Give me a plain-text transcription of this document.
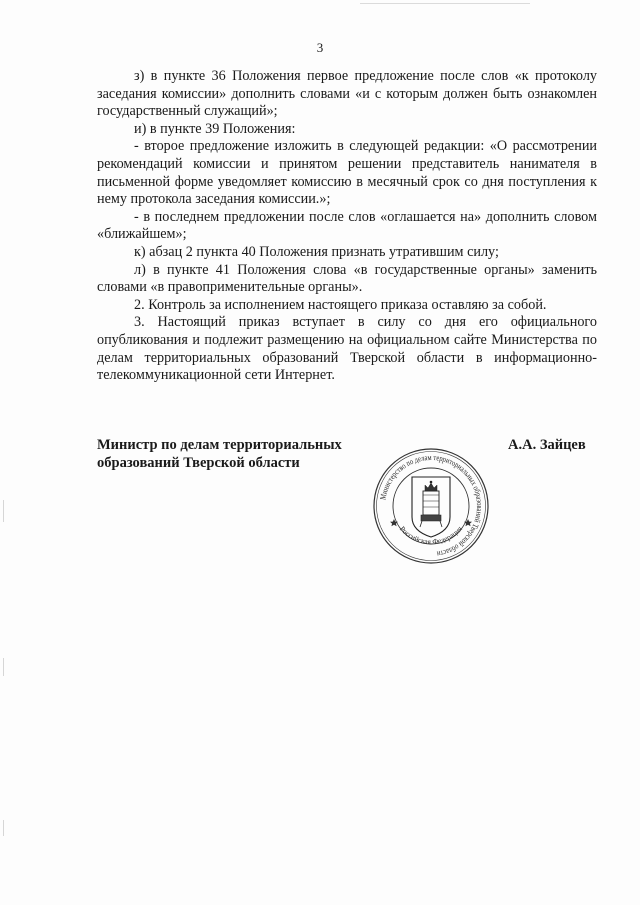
3

з) в пункте 36 Положения первое предложение после слов «к протоколу заседания комиссии» дополнить словами «и с которым должен быть ознакомлен государственный служащий»;

и) в пункте 39 Положения:

- второе предложение изложить в следующей редакции: «О рассмотрении рекомендаций комиссии и принятом решении представитель нанимателя в письменной форме уведомляет комиссию в месячный срок со дня поступления к нему протокола заседания комиссии.»;

- в последнем предложении после слов «оглашается на» дополнить словом «ближайшем»;

к) абзац 2 пункта 40 Положения признать утратившим силу;

л) в пункте 41 Положения слова «в государственные органы» заменить словами «в правоприменительные органы».

2. Контроль за исполнением настоящего приказа оставляю за собой.

3. Настоящий приказ вступает в силу со дня его официального опубликования и подлежит размещению на официальном сайте Министерства по делам территориальных образований Тверской области в информационно-телекоммуникационной сети Интернет.

Министр по делам территориальных
образований Тверской области
А.А. Зайцев
Министерство по делам территориальных образований Тверской области
Российская Федерация
